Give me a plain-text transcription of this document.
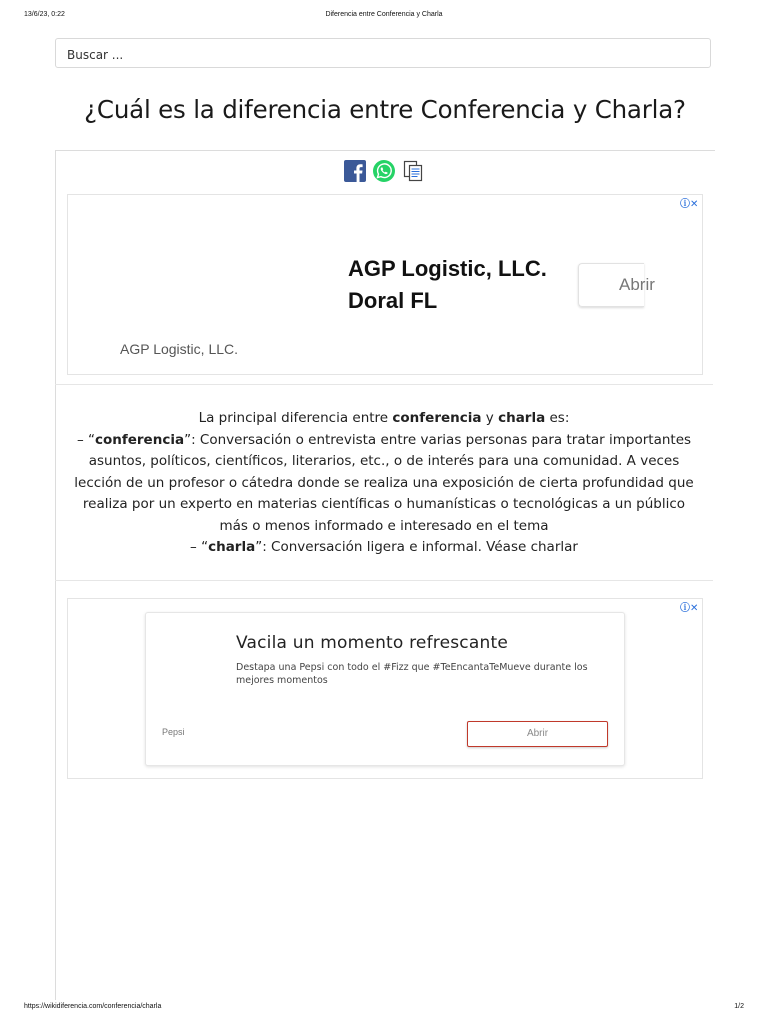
13/6/23, 0:22	Diferencia entre Conferencia y Charla
Buscar ...
¿Cuál es la diferencia entre Conferencia y Charla?
ⓘ✕
AGP Logistic, LLC.
Doral FL
Abrir
AGP Logistic, LLC.

La principal diferencia entre conferencia y charla es:

– “conferencia”: Conversación o entrevista entre varias personas para tratar importantes asuntos, políticos, científicos, literarios, etc., o de interés para una comunidad. A veces lección de un profesor o cátedra donde se realiza una exposición de cierta profundidad que realiza por un experto en materias científicas o humanísticas o tecnológicas a un público más o menos informado e interesado en el tema

– “charla”: Conversación ligera e informal. Véase charlar

ⓘ✕
Vacila un momento refrescante
Destapa una Pepsi con todo el #Fizz que #TeEncantaTeMueve durante los mejores momentos
Pepsi	Abrir
https://wikidiferencia.com/conferencia/charla	1/2
